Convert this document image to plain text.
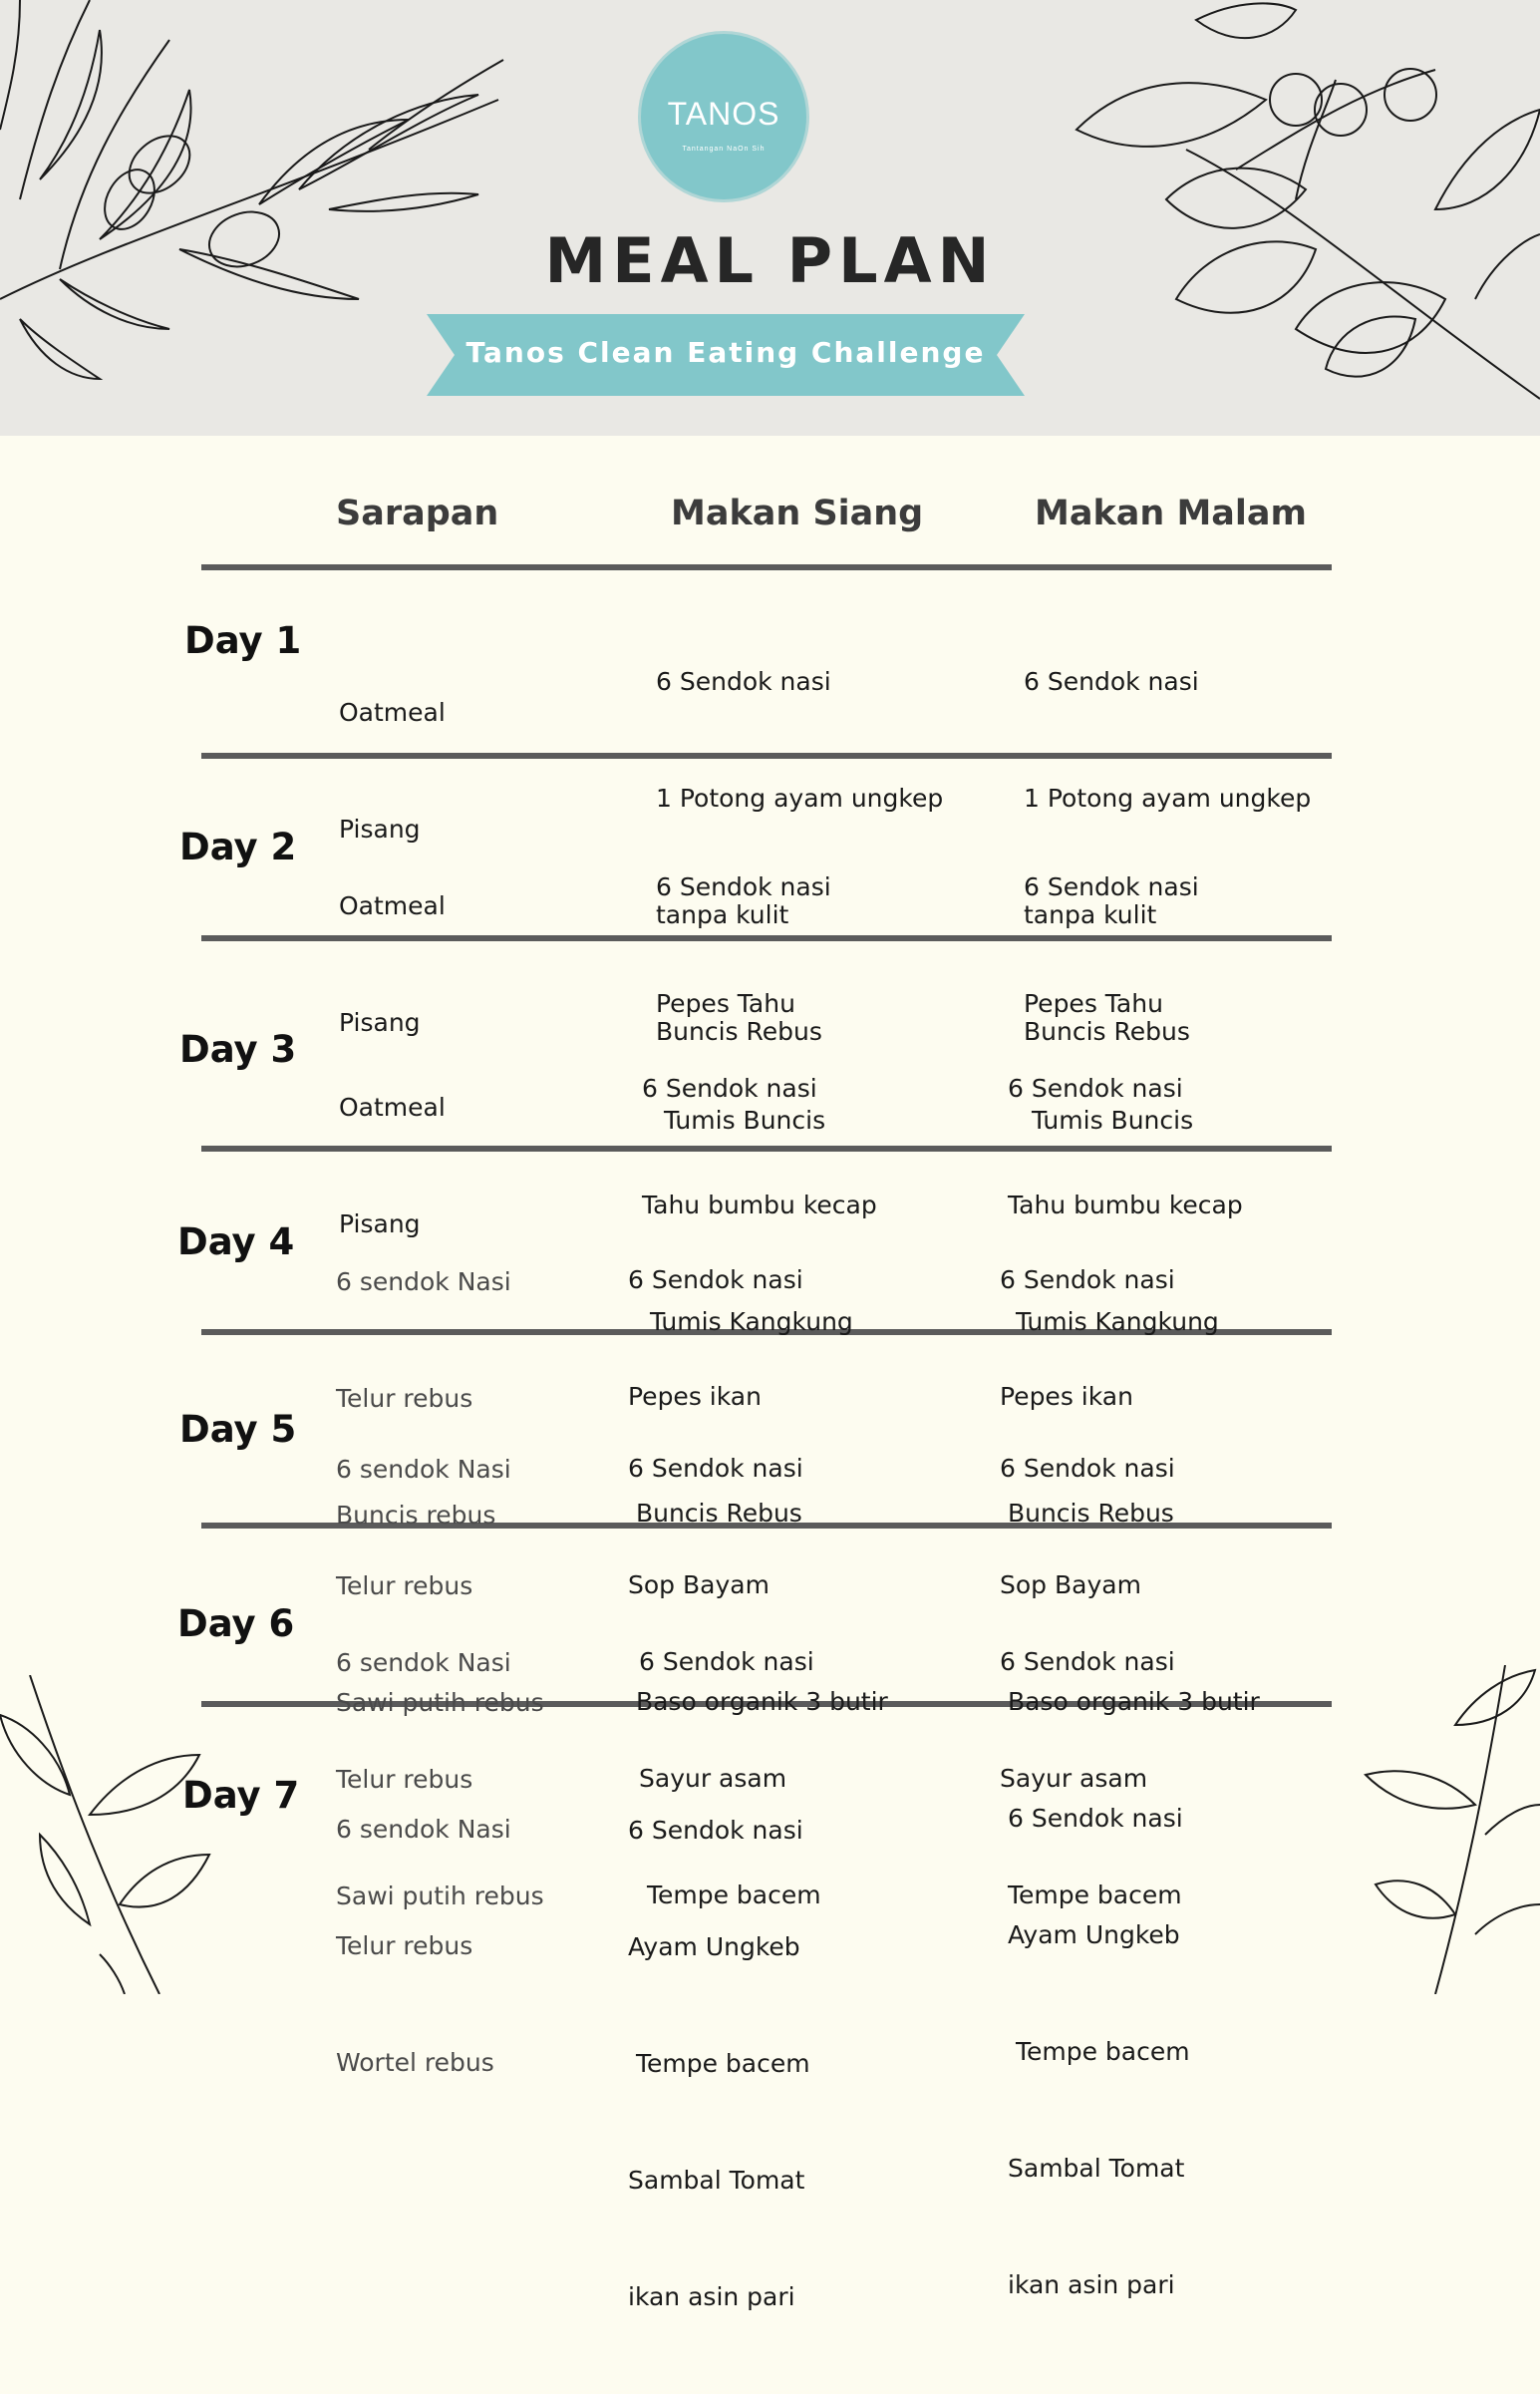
TANOS
Tantangan NaOn Sih
MEAL PLAN
Tanos Clean Eating Challenge
Sarapan	Makan Siang	Makan Malam
Day 1

Oatmeal

Pisang

6 Sendok nasi

1 Potong ayam ungkep

tanpa kulit

Buncis Rebus

6 Sendok nasi

1 Potong ayam ungkep

tanpa kulit

Buncis Rebus

Day 2

Oatmeal

Pisang

6 Sendok nasi

Pepes Tahu

Tumis Buncis

6 Sendok nasi

Pepes Tahu

Tumis Buncis

Day 3

Oatmeal

Pisang

6 Sendok nasi

Tahu bumbu kecap

Tumis Kangkung

6 Sendok nasi

Tahu bumbu kecap

Tumis Kangkung

Day 4

6 sendok Nasi

Telur rebus

Buncis rebus

6 Sendok nasi

Pepes ikan

Buncis Rebus

6 Sendok nasi

Pepes ikan

Buncis Rebus

Day 5

6 sendok Nasi

Telur rebus

Sawi putih rebus

6 Sendok nasi

Sop Bayam

Baso organik 3 butir

6 Sendok nasi

Sop Bayam

Baso organik 3 butir

Day 6

6 sendok Nasi

Telur rebus

Sawi putih rebus

6 Sendok nasi

Sayur asam

Tempe bacem

6 Sendok nasi

Sayur asam

Tempe bacem

Day 7

6 sendok Nasi

Telur rebus

Wortel rebus

6 Sendok nasi

Ayam Ungkeb

Tempe bacem

Sambal Tomat

ikan asin pari

6 Sendok nasi

Ayam Ungkeb

Tempe bacem

Sambal Tomat

ikan asin pari
